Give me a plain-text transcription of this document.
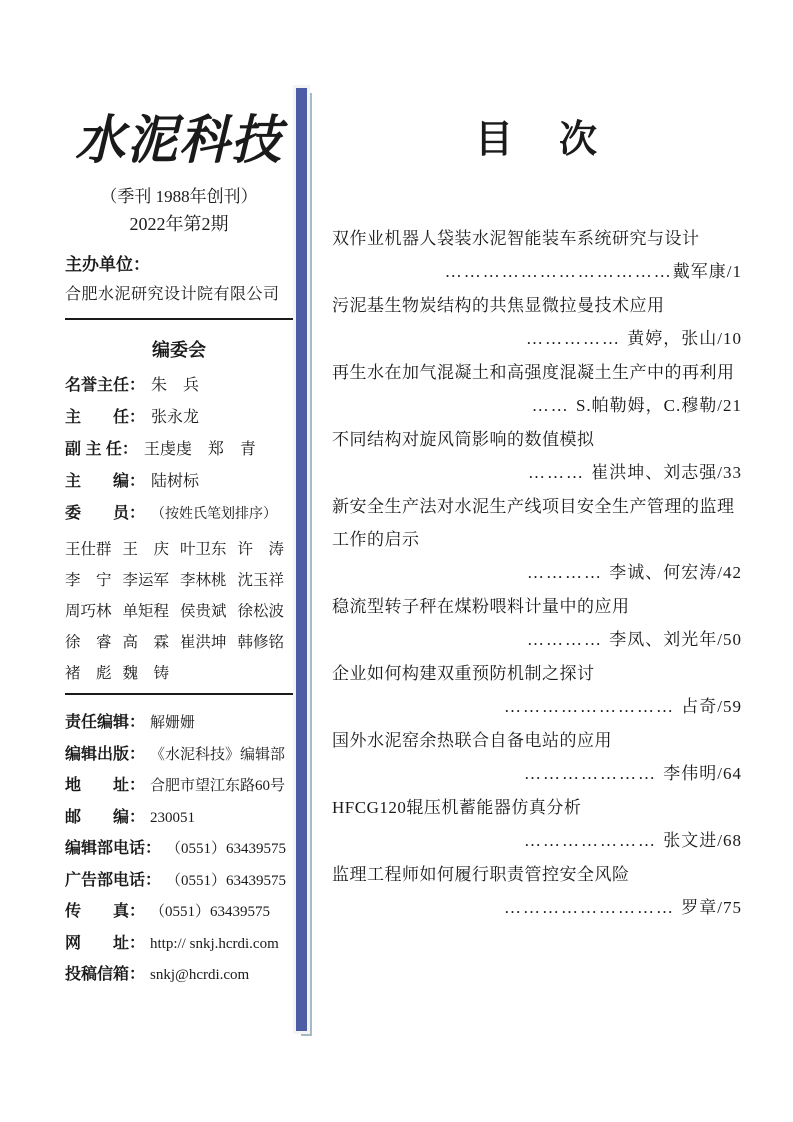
水泥科技
（季刊 1988年创刊）
2022年第2期
主办单位：
合肥水泥研究设计院有限公司
编委会
名誉主任： 朱　兵
主　　任： 张永龙
副 主 任： 王虔虔　郑　青
主　　编： 陆树标
委　　员： （按姓氏笔划排序）
王仕群 王　庆 叶卫东 许　涛
李　宁 李运军 李林桃 沈玉祥
周巧林 单矩程 侯贵斌 徐松波
徐　睿 高　霖 崔洪坤 韩修铭
褚　彪 魏　铸
责任编辑： 解姗姗
编辑出版： 《水泥科技》编辑部
地　　址： 合肥市望江东路60号
邮　　编： 230051
编辑部电话： （0551）63439575
广告部电话： （0551）63439575
传　　真： （0551）63439575
网　　址： http:// snkj.hcrdi.com
投稿信箱： snkj@hcrdi.com
目　次
双作业机器人袋装水泥智能装车系统研究与设计
………………………………戴军康/1
污泥基生物炭结构的共焦显微拉曼技术应用
…………… 黄婷，张山/10
再生水在加气混凝土和高强度混凝土生产中的再利用
…… S.帕勒姆，C.穆勒/21
不同结构对旋风筒影响的数值模拟
……… 崔洪坤、刘志强/33
新安全生产法对水泥生产线项目安全生产管理的监理工作的启示
………… 李诚、何宏涛/42
稳流型转子秤在煤粉喂料计量中的应用
………… 李凤、刘光年/50
企业如何构建双重预防机制之探讨
……………………… 占奇/59
国外水泥窑余热联合自备电站的应用
………………… 李伟明/64
HFCG120辊压机蓄能器仿真分析
………………… 张文进/68
监理工程师如何履行职责管控安全风险
……………………… 罗章/75
